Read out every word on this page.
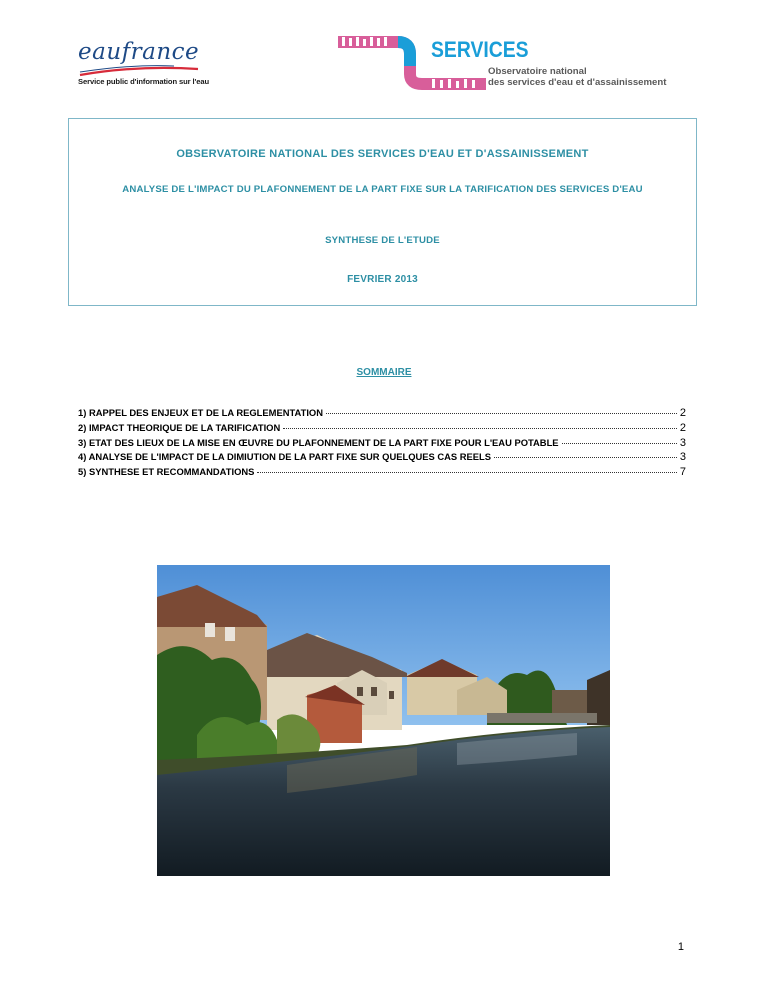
eaufrance
Service public d'information sur l'eau
SERVICES
Observatoire national
des services d'eau et d'assainissement
OBSERVATOIRE NATIONAL DES SERVICES D'EAU ET D'ASSAINISSEMENT
ANALYSE DE L'IMPACT DU PLAFONNEMENT DE LA PART FIXE SUR LA TARIFICATION DES SERVICES D'EAU
SYNTHESE DE L'ETUDE
FEVRIER 2013
SOMMAIRE
1) RAPPEL DES ENJEUX ET DE LA REGLEMENTATION	2
2) IMPACT THEORIQUE DE LA TARIFICATION	2
3) ETAT DES LIEUX DE LA MISE EN ŒUVRE DU PLAFONNEMENT DE LA PART FIXE POUR L'EAU POTABLE	3
4) ANALYSE DE L'IMPACT DE LA DIMIUTION DE LA PART FIXE SUR QUELQUES CAS REELS	3
5) SYNTHESE ET RECOMMANDATIONS	7
1
